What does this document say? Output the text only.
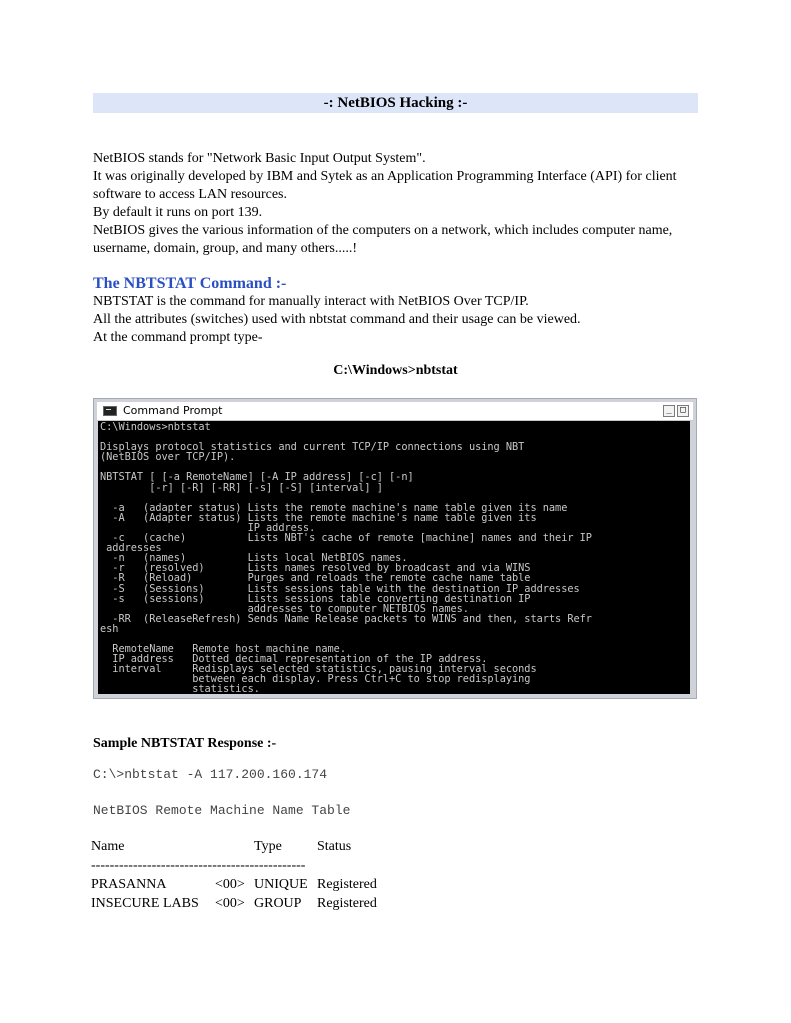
-: NetBIOS Hacking :-

NetBIOS stands for "Network Basic Input Output System".

It was originally developed by IBM and Sytek as an Application Programming Interface (API) for client software to access LAN resources.

By default it runs on port 139.

NetBIOS gives the various information of the computers on a network, which includes computer name, username, domain, group, and many others.....!

The NBTSTAT Command :-

NBTSTAT is the command for manually interact with NetBIOS Over TCP/IP.

All the attributes (switches) used with nbtstat command and their usage can be viewed.

At the command prompt type-

C:\Windows>nbtstat
Command Prompt	_ □
C:\Windows>nbtstat

Displays protocol statistics and current TCP/IP connections using NBT
(NetBIOS over TCP/IP).

NBTSTAT [ [-a RemoteName] [-A IP address] [-c] [-n]
[-r] [-R] [-RR] [-s] [-S] [interval] ]

-a   (adapter status) Lists the remote machine's name table given its name
-A   (Adapter status) Lists the remote machine's name table given its
IP address.
-c   (cache)          Lists NBT's cache of remote [machine] names and their IP
addresses
-n   (names)          Lists local NetBIOS names.
-r   (resolved)       Lists names resolved by broadcast and via WINS
-R   (Reload)         Purges and reloads the remote cache name table
-S   (Sessions)       Lists sessions table with the destination IP addresses
-s   (sessions)       Lists sessions table converting destination IP
addresses to computer NETBIOS names.
-RR  (ReleaseRefresh) Sends Name Release packets to WINS and then, starts Refr
esh

RemoteName   Remote host machine name.
IP address   Dotted decimal representation of the IP address.
interval     Redisplays selected statistics, pausing interval seconds
between each display. Press Ctrl+C to stop redisplaying
statistics.
Sample NBTSTAT Response :-
C:\>nbtstat -A 117.200.160.174
NetBIOS Remote Machine Name Table
Name	Type	Status
----------------------------------------------
PRASANNA	<00> UNIQUE Registered
INSECURE LABS <00> GROUP Registered
